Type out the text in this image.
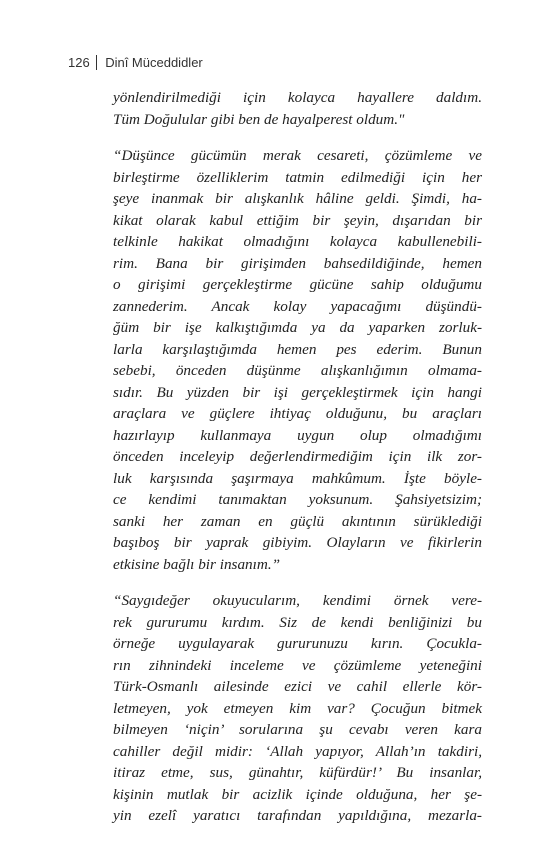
126 Dinî Müceddidler

yönlendirilmediği için kolayca hayallere daldım.
Tüm Doğulular gibi ben de hayalperest oldum."

“Düşünce gücümün merak cesareti, çözümleme ve
birleştirme özelliklerim tatmin edilmediği için her
şeye inanmak bir alışkanlık hâline geldi. Şimdi, ha-
kikat olarak kabul ettiğim bir şeyin, dışarıdan bir
telkinle hakikat olmadığını kolayca kabullenebili-
rim. Bana bir girişimden bahsedildiğinde, hemen
o girişimi gerçekleştirme gücüne sahip olduğumu
zannederim. Ancak kolay yapacağımı düşündü-
ğüm bir işe kalkıştığımda ya da yaparken zorluk-
larla karşılaştığımda hemen pes ederim. Bunun
sebebi, önceden düşünme alışkanlığımın olmama-
sıdır. Bu yüzden bir işi gerçekleştirmek için hangi
araçlara ve güçlere ihtiyaç olduğunu, bu araçları
hazırlayıp kullanmaya uygun olup olmadığımı
önceden inceleyip değerlendirmediğim için ilk zor-
luk karşısında şaşırmaya mahkûmum. İşte böyle-
ce kendimi tanımaktan yoksunum. Şahsiyetsizim;
sanki her zaman en güçlü akıntının sürüklediği
başıboş bir yaprak gibiyim. Olayların ve fikirlerin
etkisine bağlı bir insanım.”

“Saygıdeğer okuyucularım, kendimi örnek vere-
rek gururumu kırdım. Siz de kendi benliğinizi bu
örneğe uygulayarak gururunuzu kırın. Çocukla-
rın zihnindeki inceleme ve çözümleme yeteneğini
Türk-Osmanlı ailesinde ezici ve cahil ellerle kör-
letmeyen, yok etmeyen kim var? Çocuğun bitmek
bilmeyen ‘niçin’ sorularına şu cevabı veren kara
cahiller değil midir: ‘Allah yapıyor, Allah’ın takdiri,
itiraz etme, sus, günahtır, küfürdür!’ Bu insanlar,
kişinin mutlak bir acizlik içinde olduğuna, her şe-
yin ezelî yaratıcı tarafından yapıldığına, mezarla-
